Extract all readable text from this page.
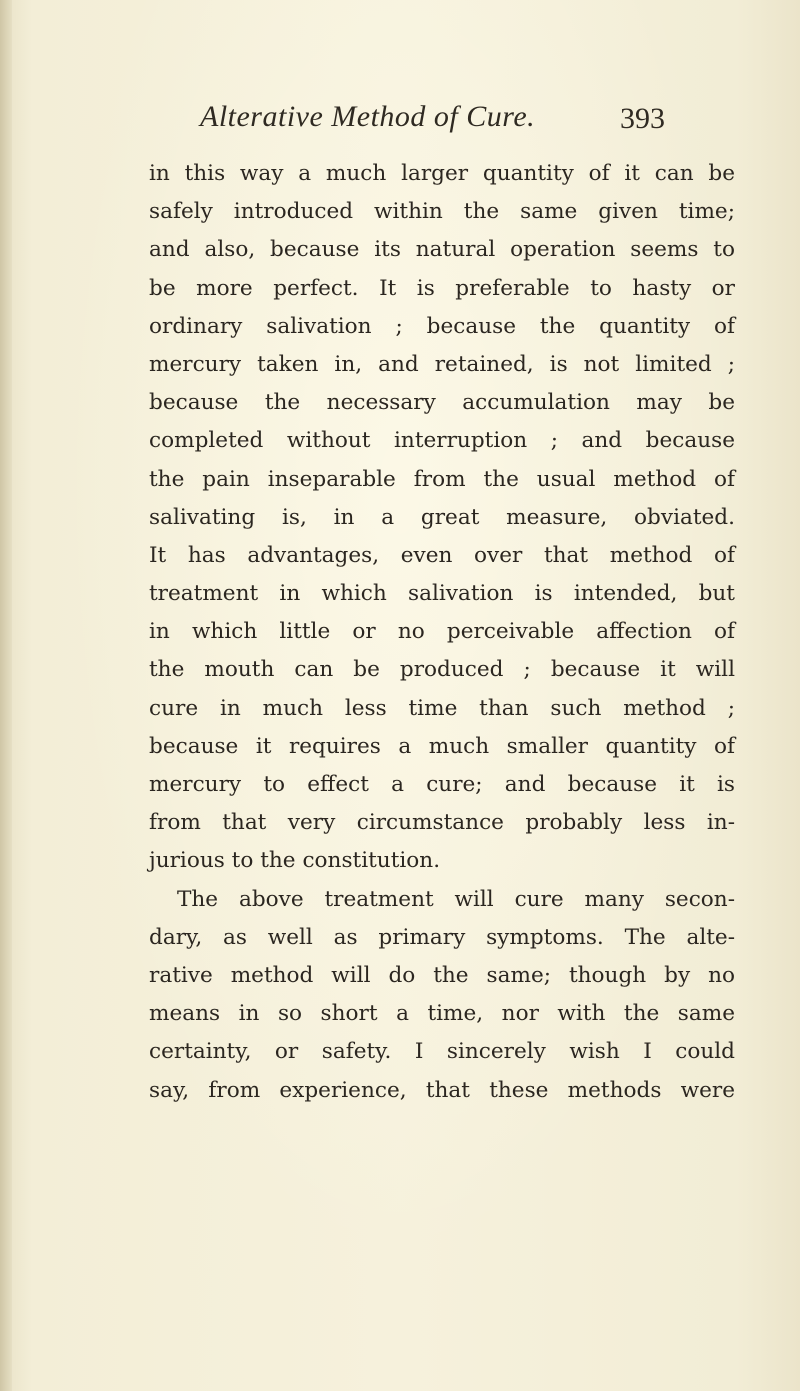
Alterative Method of Cure.	393
in this way a much larger quantity of it can be
safely introduced within the same given time;
and also, because its natural operation seems to
be more perfect. It is preferable to hasty or
ordinary salivation ; because the quantity of
mercury taken in, and retained, is not limited ;
because the necessary accumulation may be
completed without interruption ; and because
the pain inseparable from the usual method of
salivating is, in a great measure, obviated.
It has advantages, even over that method of
treatment in which salivation is intended, but
in which little or no perceivable affection of
the mouth can be produced ; because it will
cure in much less time than such method ;
because it requires a much smaller quantity of
mercury to effect a cure; and because it is
from that very circumstance probably less in-
jurious to the constitution.
The above treatment will cure many secon-
dary, as well as primary symptoms. The alte-
rative method will do the same; though by no
means in so short a time, nor with the same
certainty, or safety. I sincerely wish I could
say, from experience, that these methods were
